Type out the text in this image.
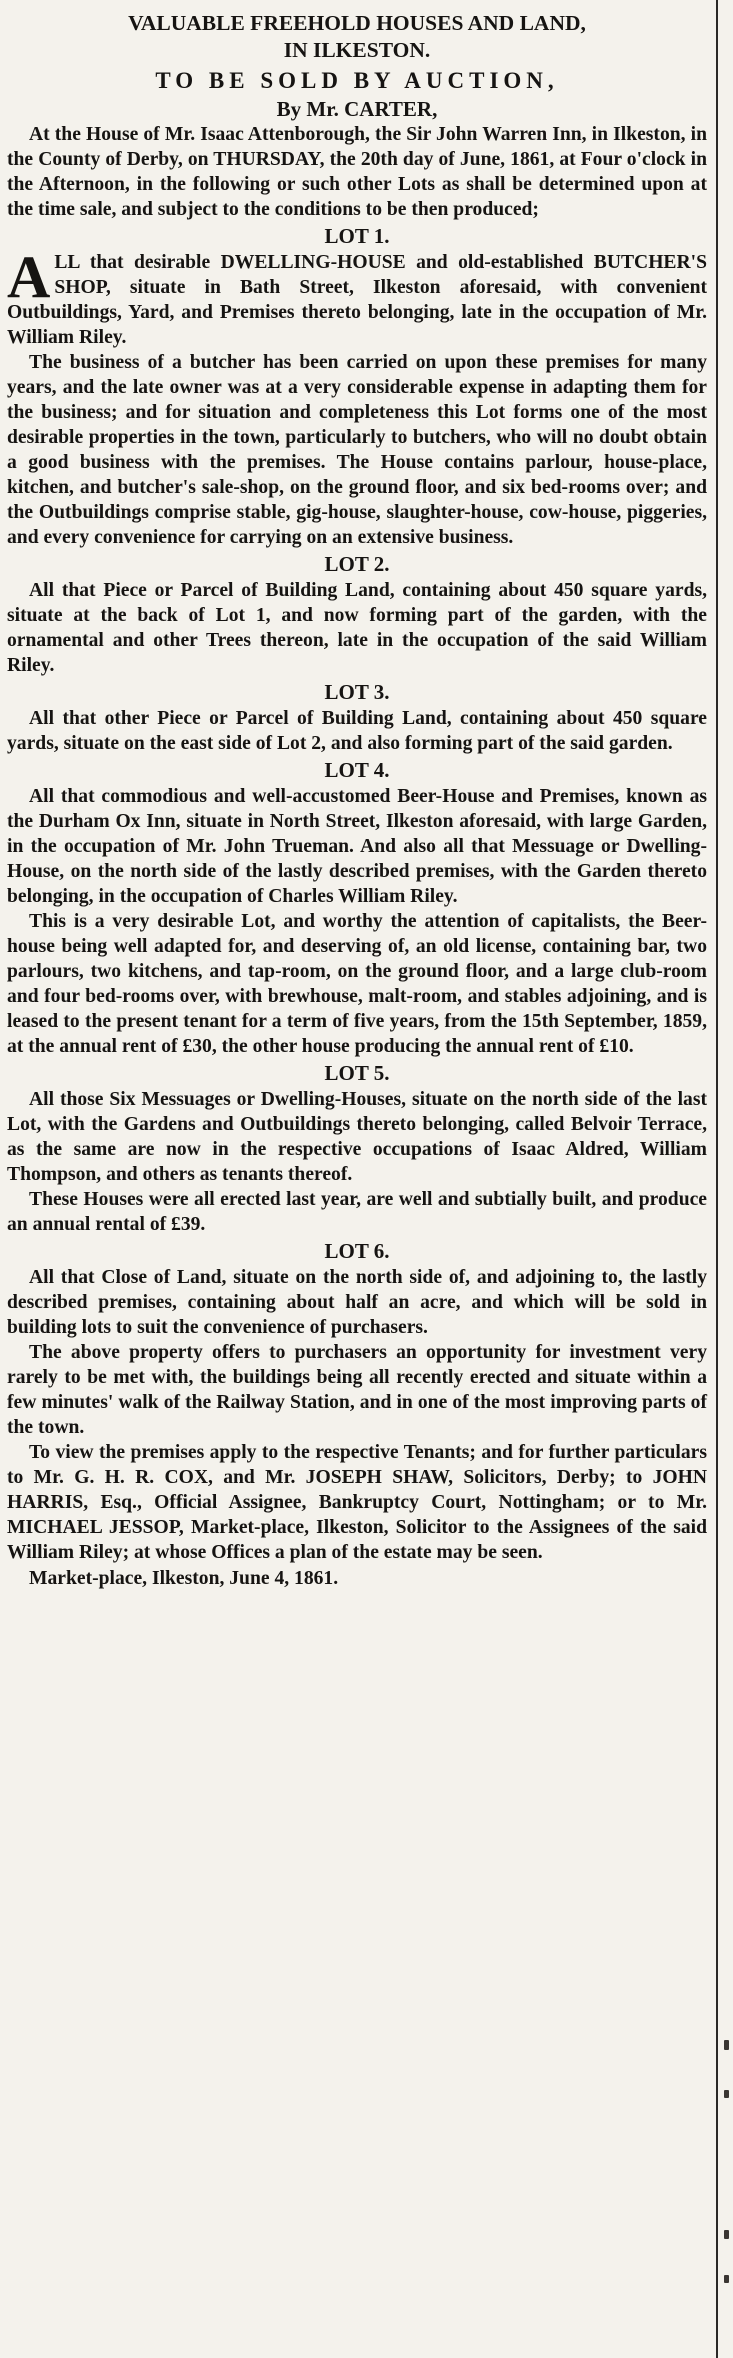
VALUABLE FREEHOLD HOUSES AND LAND,
IN ILKESTON.
TO BE SOLD BY AUCTION,
By Mr. CARTER,

At the House of Mr. Isaac Attenborough, the Sir John Warren Inn, in Ilkeston, in the County of Derby, on THURSDAY, the 20th day of June, 1861, at Four o'clock in the Afternoon, in the following or such other Lots as shall be determined upon at the time sale, and subject to the conditions to be then produced;

LOT 1.
A LL that desirable DWELLING-HOUSE and old-established BUTCHER'S SHOP, situate in Bath Street, Ilkeston aforesaid, with convenient Outbuildings, Yard, and Premises thereto belonging, late in the occupation of Mr. William Riley.

The business of a butcher has been carried on upon these premises for many years, and the late owner was at a very considerable expense in adapting them for the business; and for situation and completeness this Lot forms one of the most desirable properties in the town, particularly to butchers, who will no doubt obtain a good business with the premises. The House contains parlour, house-place, kitchen, and butcher's sale-shop, on the ground floor, and six bed-rooms over; and the Outbuildings comprise stable, gig-house, slaughter-house, cow-house, piggeries, and every convenience for carrying on an extensive business.

LOT 2.

All that Piece or Parcel of Building Land, containing about 450 square yards, situate at the back of Lot 1, and now forming part of the garden, with the ornamental and other Trees thereon, late in the occupation of the said William Riley.

LOT 3.

All that other Piece or Parcel of Building Land, containing about 450 square yards, situate on the east side of Lot 2, and also forming part of the said garden.

LOT 4.

All that commodious and well-accustomed Beer-House and Premises, known as the Durham Ox Inn, situate in North Street, Ilkeston aforesaid, with large Garden, in the occupation of Mr. John Trueman. And also all that Messuage or Dwelling-House, on the north side of the lastly described premises, with the Garden thereto belonging, in the occupation of Charles William Riley.

This is a very desirable Lot, and worthy the attention of capitalists, the Beer-house being well adapted for, and deserving of, an old license, containing bar, two parlours, two kitchens, and tap-room, on the ground floor, and a large club-room and four bed-rooms over, with brewhouse, malt-room, and stables adjoining, and is leased to the present tenant for a term of five years, from the 15th September, 1859, at the annual rent of £30, the other house producing the annual rent of £10.

LOT 5.

All those Six Messuages or Dwelling-Houses, situate on the north side of the last Lot, with the Gardens and Outbuildings thereto belonging, called Belvoir Terrace, as the same are now in the respective occupations of Isaac Aldred, William Thompson, and others as tenants thereof.

These Houses were all erected last year, are well and subtially built, and produce an annual rental of £39.

LOT 6.

All that Close of Land, situate on the north side of, and adjoining to, the lastly described premises, containing about half an acre, and which will be sold in building lots to suit the convenience of purchasers.

The above property offers to purchasers an opportunity for investment very rarely to be met with, the buildings being all recently erected and situate within a few minutes' walk of the Railway Station, and in one of the most improving parts of the town.

To view the premises apply to the respective Tenants; and for further particulars to Mr. G. H. R. COX, and Mr. JOSEPH SHAW, Solicitors, Derby; to JOHN HARRIS, Esq., Official Assignee, Bankruptcy Court, Nottingham; or to Mr. MICHAEL JESSOP, Market-place, Ilkeston, Solicitor to the Assignees of the said William Riley; at whose Offices a plan of the estate may be seen.

Market-place, Ilkeston, June 4, 1861.
